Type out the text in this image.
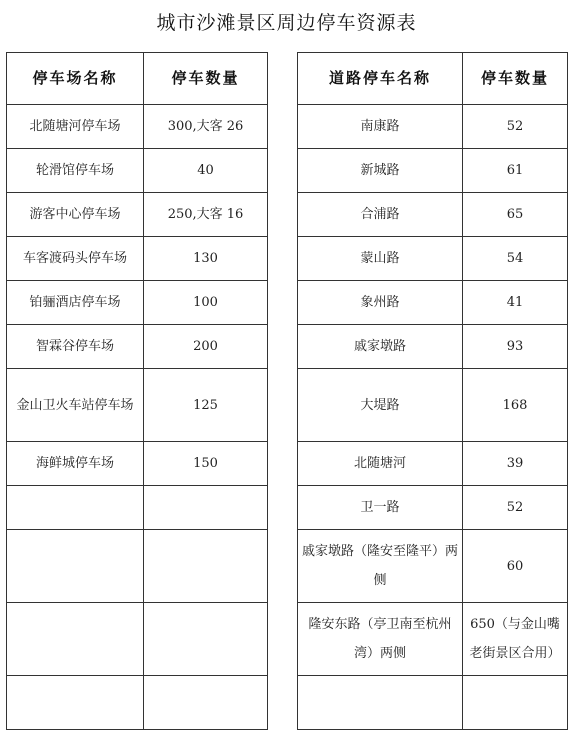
城市沙滩景区周边停车资源表
停车场名称	停车数量		道路停车名称	停车数量
北随塘河停车场	300,大客 26		南康路	52
轮滑馆停车场	40		新城路	61
游客中心停车场	250,大客 16		合浦路	65
车客渡码头停车场	130		蒙山路	54
铂骊酒店停车场	100		象州路	41
智霖谷停车场	200		戚家墩路	93
金山卫火车站停车场	125		大堤路	168
海鲜城停车场	150		北随塘河	39
			卫一路	52
			戚家墩路（隆安至隆平）两侧	60
			隆安东路（亭卫南至杭州湾）两侧	650（与金山嘴老街景区合用）
